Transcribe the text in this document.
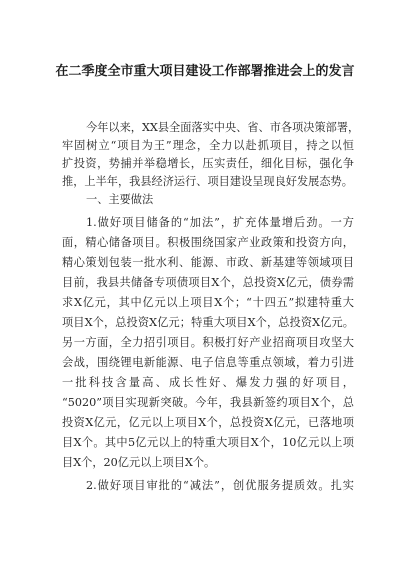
在二季度全市重大项目建设工作部署推进会上的发言
今年以来，XX县全面落实中央、省、市各项决策部署，
牢固树立“项目为王”理念，全力以赴抓项目，持之以恒
扩投资，势捕并举稳增长，压实责任，细化目标，强化争
推，上半年，我县经济运行、项目建设呈现良好发展态势。
一、主要做法
1.做好项目储备的“加法”，扩充体量增后劲。一方
面，精心储备项目。积极围绕国家产业政策和投资方向，
精心策划包装一批水利、能源、市政、新基建等领域项目
目前，我县共储备专项债项目X个，总投资X亿元，债券需
求X亿元，其中亿元以上项目X个；“十四五”拟建特重大
项目X个，总投资X亿元；特重大项目X个，总投资X亿元。
另一方面，全力招引项目。积极打好产业招商项目攻坚大
会战，围绕锂电新能源、电子信息等重点领域，着力引进
一批科技含量高、成长性好、爆发力强的好项目，
“5020”项目实现新突破。今年，我县新签约项目X个，总
投资X亿元，亿元以上项目X个，总投资X亿元，已落地项
目X个。其中5亿元以上的特重大项目X个，10亿元以上项
目X个，20亿元以上项目X个。
2.做好项目审批的“减法”，创优服务提质效。扎实
